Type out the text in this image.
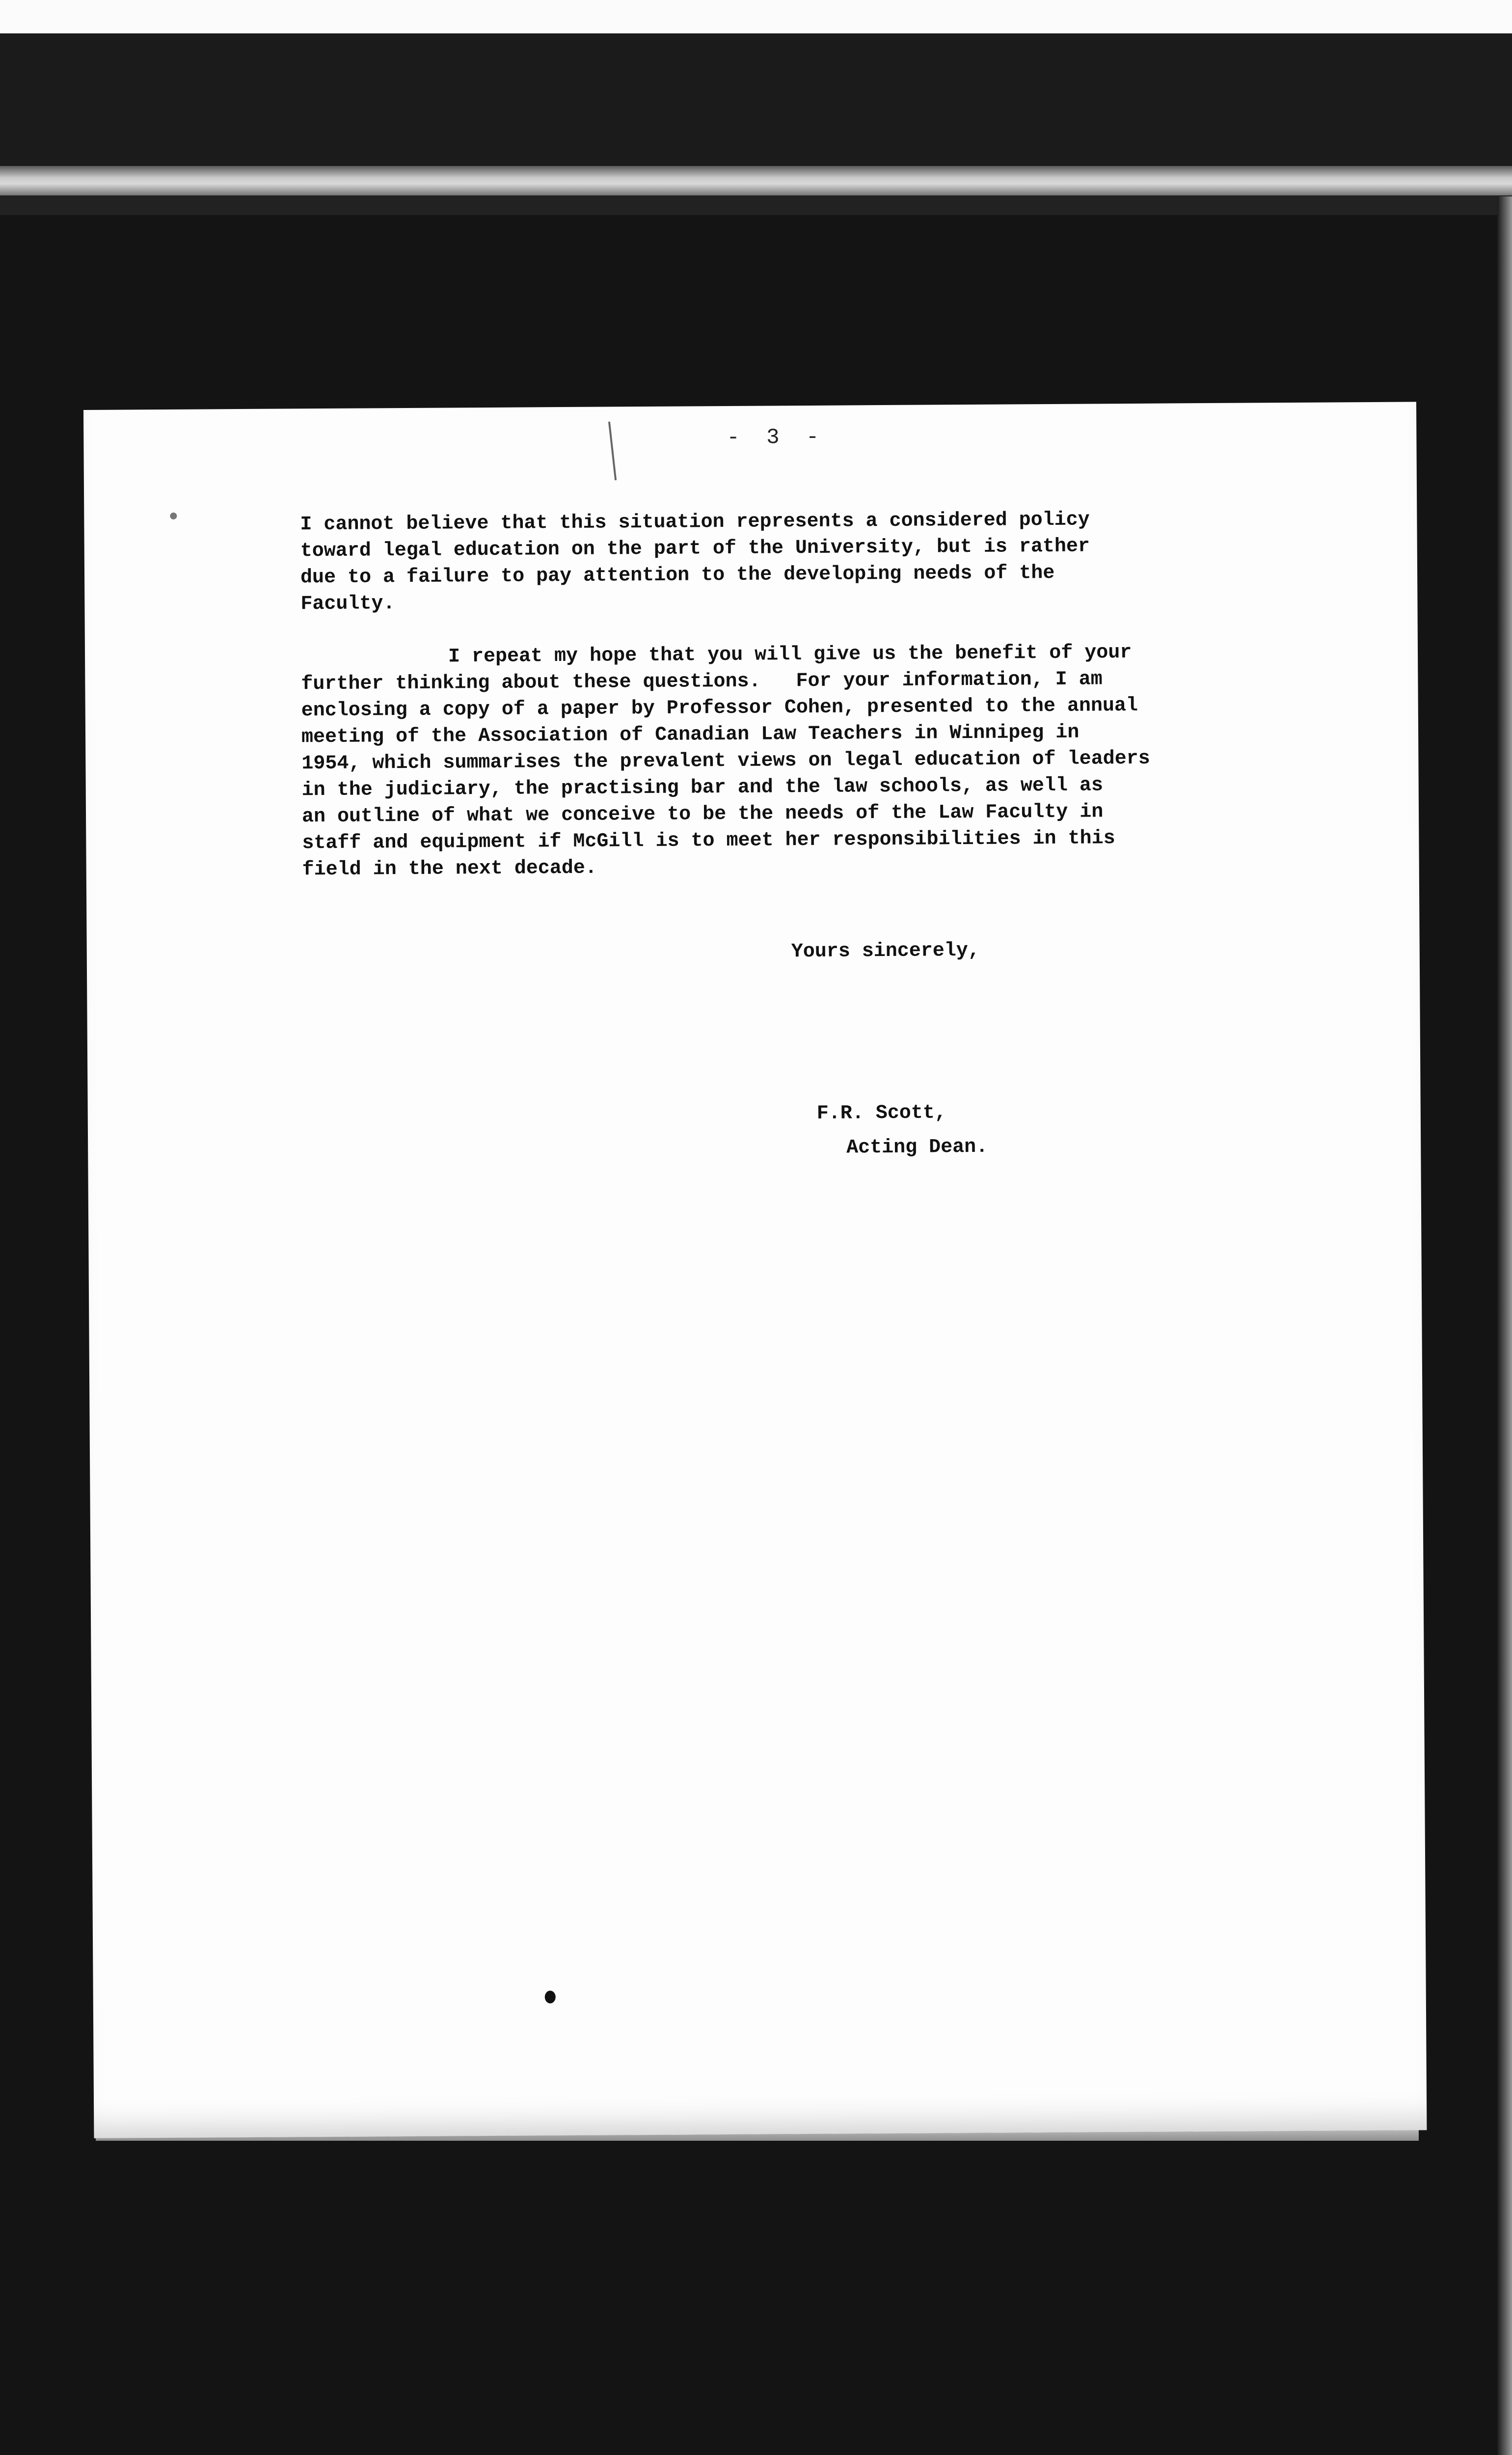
- 3 -

I cannot believe that this situation represents a considered policy
toward legal education on the part of the University, but is rather
due to a failure to pay attention to the developing needs of the
Faculty.

I repeat my hope that you will give us the benefit of your
further thinking about these questions.   For your information, I am
enclosing a copy of a paper by Professor Cohen, presented to the annual
meeting of the Association of Canadian Law Teachers in Winnipeg in
1954, which summarises the prevalent views on legal education of leaders
in the judiciary, the practising bar and the law schools, as well as
an outline of what we conceive to be the needs of the Law Faculty in
staff and equipment if McGill is to meet her responsibilities in this
field in the next decade.

Yours sincerely,
F.R. Scott,
Acting Dean.
